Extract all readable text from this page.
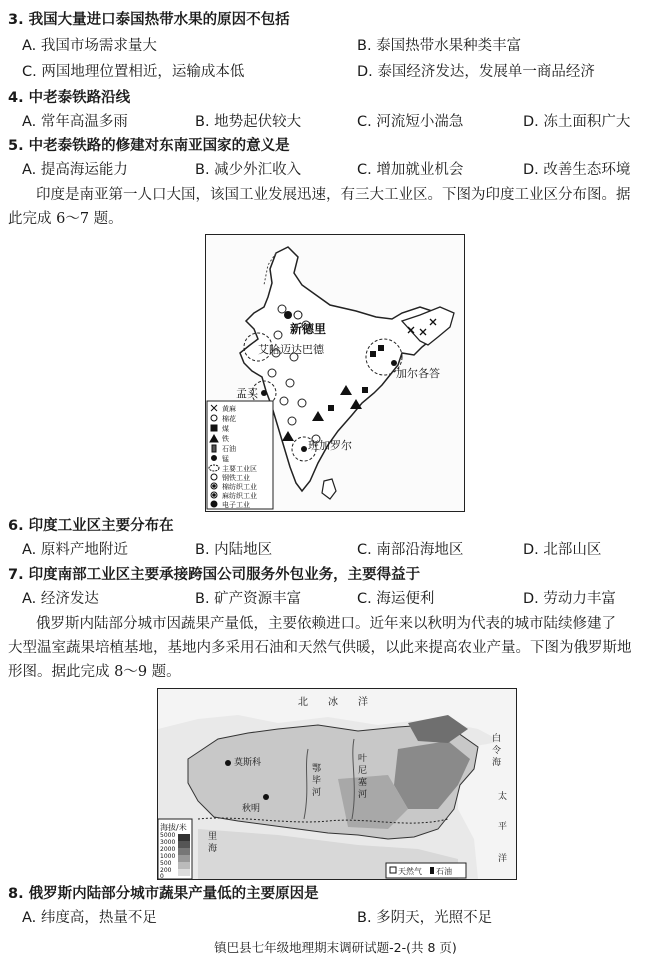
3. 我国大量进口泰国热带水果的原因不包括
A. 我国市场需求量大	B. 泰国热带水果种类丰富
C. 两国地理位置相近，运输成本低	D. 泰国经济发达，发展单一商品经济
4. 中老泰铁路沿线
A. 常年高温多雨	B. 地势起伏较大	C. 河流短小湍急	D. 冻土面积广大
5. 中老泰铁路的修建对东南亚国家的意义是
A. 提高海运能力	B. 减少外汇收入	C. 增加就业机会	D. 改善生态环境
印度是南亚第一人口大国，该国工业发展迅速，有三大工业区。下图为印度工业区分布图。据
此完成 6～7 题。
新德里
艾哈迈达巴德
加尔各答
孟买
班加罗尔
黄麻
棉花
煤
铁
石油
锰
主要工业区
钢铁工业
棉纺织工业
麻纺织工业
电子工业
6. 印度工业区主要分布在
A. 原料产地附近	B. 内陆地区	C. 南部沿海地区	D. 北部山区
7. 印度南部工业区主要承接跨国公司服务外包业务，主要得益于
A. 经济发达	B. 矿产资源丰富	C. 海运便利	D. 劳动力丰富
俄罗斯内陆部分城市因蔬果产量低，主要依赖进口。近年来以秋明为代表的城市陆续修建了
大型温室蔬果培植基地，基地内多采用石油和天然气供暖，以此来提高农业产量。下图为俄罗斯地
形图。据此完成 8～9 题。
北　　冰　　洋
莫斯科
秋明
鄂
毕
河
叶
尼
塞
河
白
令
海
太
平
洋
里
海
海拔/米
5000
3000
2000
1000
500
200
0
天然气 石油
8. 俄罗斯内陆部分城市蔬果产量低的主要原因是
A. 纬度高，热量不足	B. 多阴天，光照不足
镇巴县七年级地理期末调研试题-2-(共 8 页)
